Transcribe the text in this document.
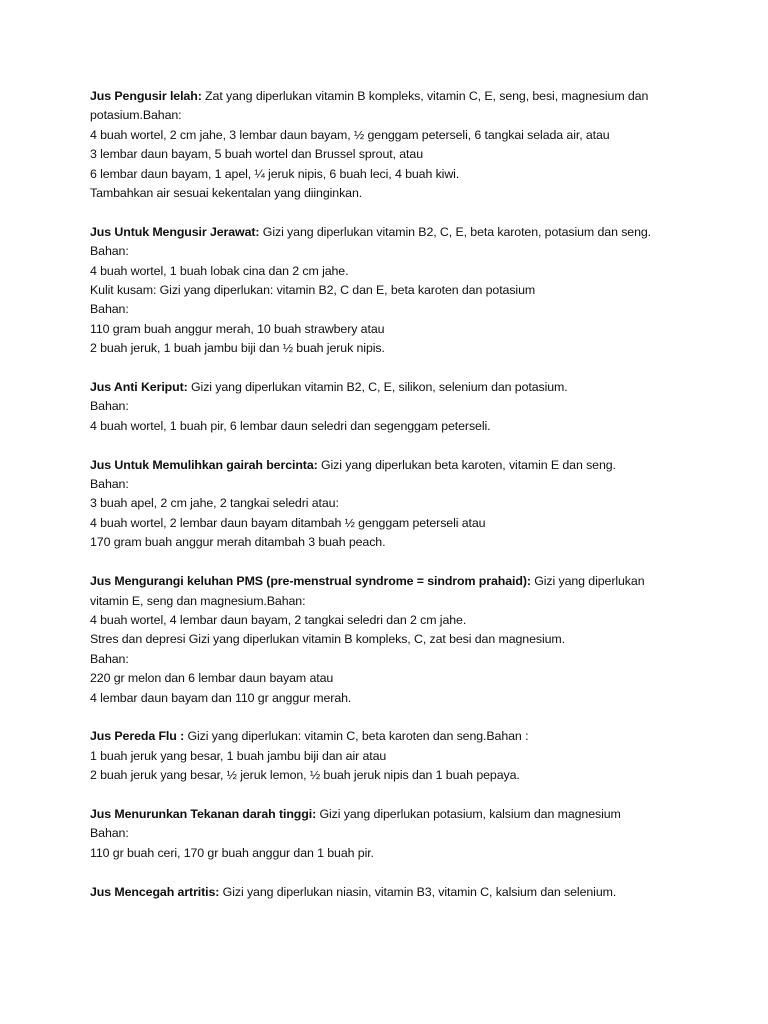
Jus Pengusir lelah: Zat yang diperlukan vitamin B kompleks, vitamin C, E, seng, besi, magnesium dan
potasium.Bahan:
4 buah wortel, 2 cm jahe, 3 lembar daun bayam, ½ genggam peterseli, 6 tangkai selada air, atau
3 lembar daun bayam, 5 buah wortel dan Brussel sprout, atau
6 lembar daun bayam, 1 apel, ¼ jeruk nipis, 6 buah leci, 4 buah kiwi.
Tambahkan air sesuai kekentalan yang diinginkan.
Jus Untuk Mengusir Jerawat: Gizi yang diperlukan vitamin B2, C, E, beta karoten, potasium dan seng.
Bahan:
4 buah wortel, 1 buah lobak cina dan 2 cm jahe.
Kulit kusam: Gizi yang diperlukan: vitamin B2, C dan E, beta karoten dan potasium
Bahan:
110 gram buah anggur merah, 10 buah strawbery atau
2 buah jeruk, 1 buah jambu biji dan ½ buah jeruk nipis.
Jus Anti Keriput: Gizi yang diperlukan vitamin B2, C, E, silikon, selenium dan potasium.
Bahan:
4 buah wortel, 1 buah pir, 6 lembar daun seledri dan segenggam peterseli.
Jus Untuk Memulihkan gairah bercinta: Gizi yang diperlukan beta karoten, vitamin E dan seng.
Bahan:
3 buah apel, 2 cm jahe, 2 tangkai seledri atau:
4 buah wortel, 2 lembar daun bayam ditambah ½ genggam peterseli atau
170 gram buah anggur merah ditambah 3 buah peach.
Jus Mengurangi keluhan PMS (pre-menstrual syndrome = sindrom prahaid): Gizi yang diperlukan
vitamin E, seng dan magnesium.Bahan:
4 buah wortel, 4 lembar daun bayam, 2 tangkai seledri dan 2 cm jahe.
Stres dan depresi Gizi yang diperlukan vitamin B kompleks, C, zat besi dan magnesium.
Bahan:
220 gr melon dan 6 lembar daun bayam atau
4 lembar daun bayam dan 110 gr anggur merah.
Jus Pereda Flu : Gizi yang diperlukan: vitamin C, beta karoten dan seng.Bahan :
1 buah jeruk yang besar, 1 buah jambu biji dan air atau
2 buah jeruk yang besar, ½ jeruk lemon, ½ buah jeruk nipis dan 1 buah pepaya.
Jus Menurunkan Tekanan darah tinggi: Gizi yang diperlukan potasium, kalsium dan magnesium
Bahan:
110 gr buah ceri, 170 gr buah anggur dan 1 buah pir.
Jus Mencegah artritis: Gizi yang diperlukan niasin, vitamin B3, vitamin C, kalsium dan selenium.
